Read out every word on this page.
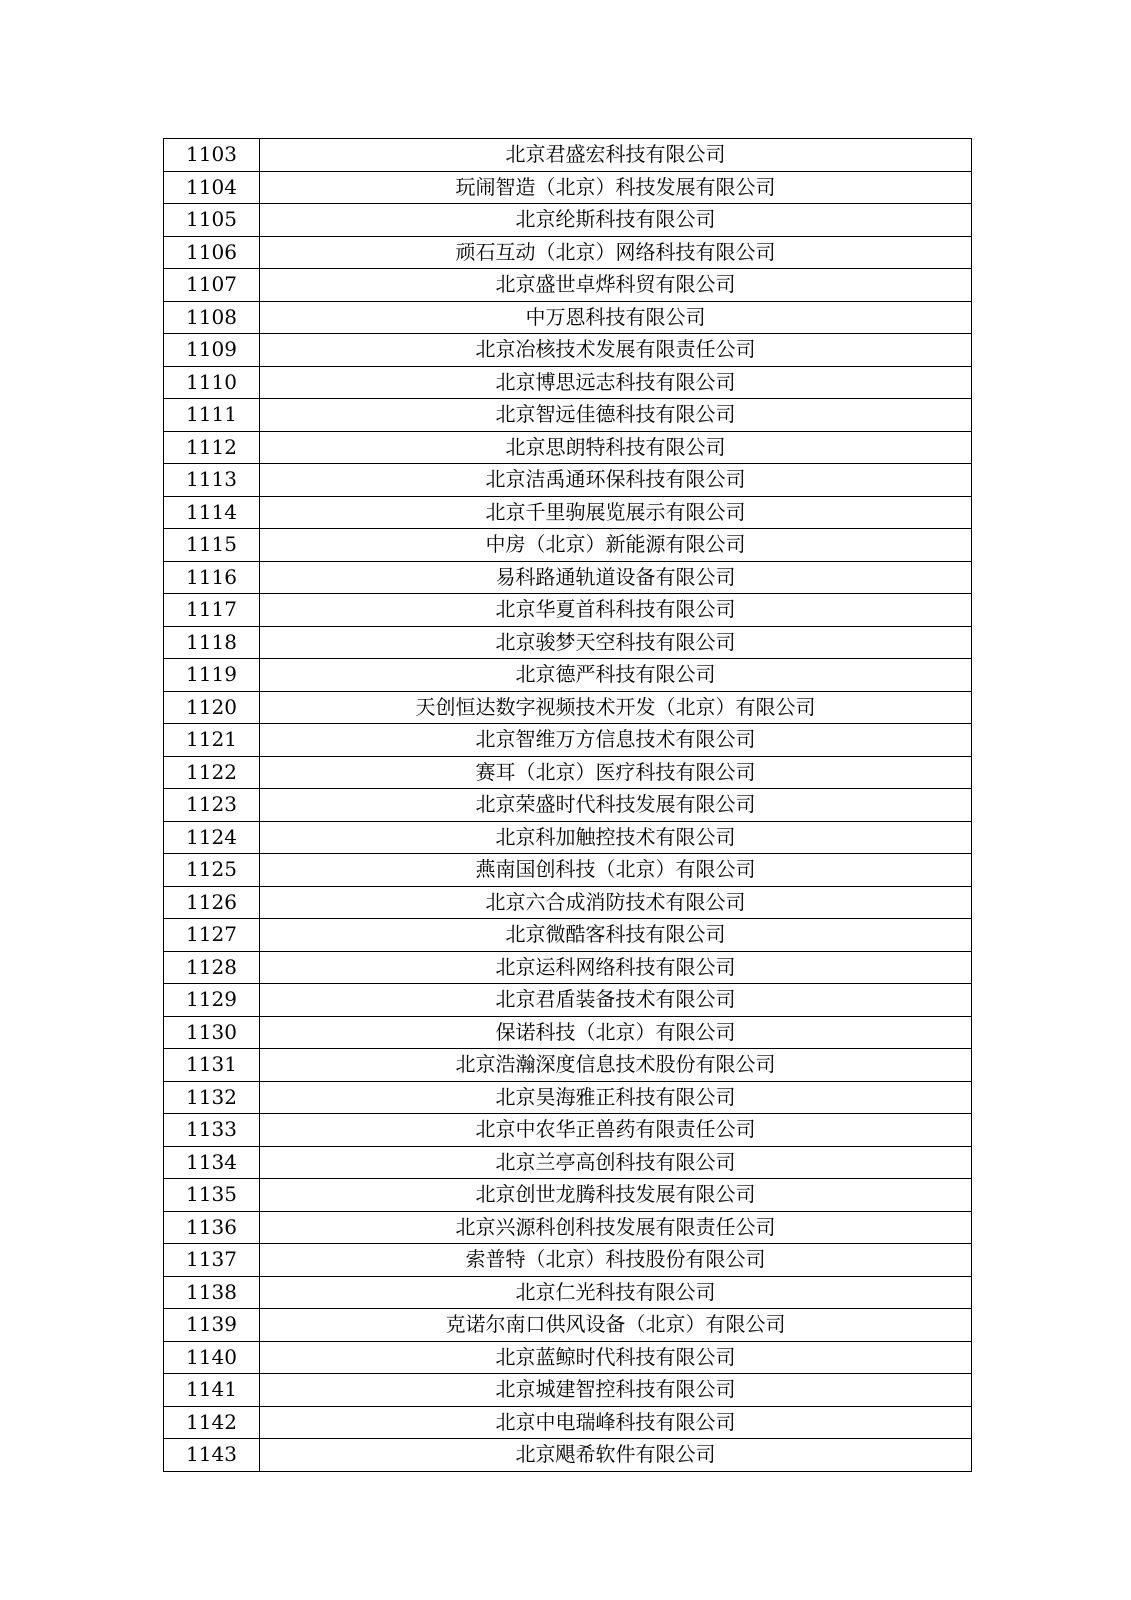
1103	北京君盛宏科技有限公司
1104	玩闹智造（北京）科技发展有限公司
1105	北京纶斯科技有限公司
1106	顽石互动（北京）网络科技有限公司
1107	北京盛世卓烨科贸有限公司
1108	中万恩科技有限公司
1109	北京冶核技术发展有限责任公司
1110	北京博思远志科技有限公司
1111	北京智远佳德科技有限公司
1112	北京思朗特科技有限公司
1113	北京洁禹通环保科技有限公司
1114	北京千里驹展览展示有限公司
1115	中房（北京）新能源有限公司
1116	易科路通轨道设备有限公司
1117	北京华夏首科科技有限公司
1118	北京骏梦天空科技有限公司
1119	北京德严科技有限公司
1120	天创恒达数字视频技术开发（北京）有限公司
1121	北京智维万方信息技术有限公司
1122	赛耳（北京）医疗科技有限公司
1123	北京荣盛时代科技发展有限公司
1124	北京科加触控技术有限公司
1125	燕南国创科技（北京）有限公司
1126	北京六合成消防技术有限公司
1127	北京微酷客科技有限公司
1128	北京运科网络科技有限公司
1129	北京君盾装备技术有限公司
1130	保诺科技（北京）有限公司
1131	北京浩瀚深度信息技术股份有限公司
1132	北京昊海雅正科技有限公司
1133	北京中农华正兽药有限责任公司
1134	北京兰亭高创科技有限公司
1135	北京创世龙腾科技发展有限公司
1136	北京兴源科创科技发展有限责任公司
1137	索普特（北京）科技股份有限公司
1138	北京仁光科技有限公司
1139	克诺尔南口供风设备（北京）有限公司
1140	北京蓝鲸时代科技有限公司
1141	北京城建智控科技有限公司
1142	北京中电瑞峰科技有限公司
1143	北京飓希软件有限公司
